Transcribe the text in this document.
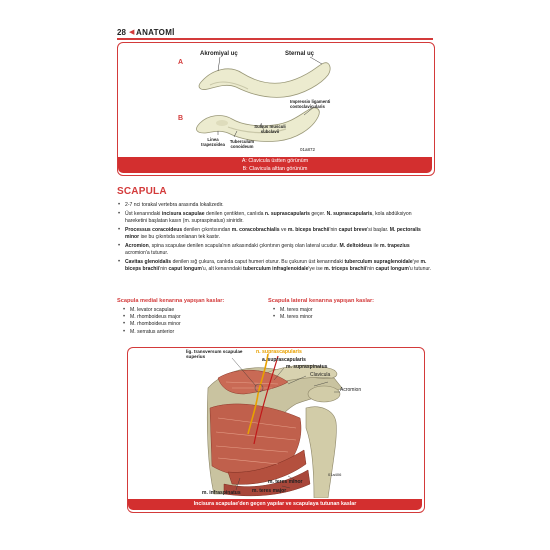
28 ◀ ANATOMİ
A
B
Akromiyal uç	Sternal uç
Impressio ligamenti costoclavicularis
Sulcus musculi subclavii
Linea trapezoidea
Tuberculum conoideum
01a872
A: Clavicula üstten görünüm
B: Clavicula alttan görünüm
SCAPULA
• 2-7 nci torakal vertebra arasında lokalizedir.
• Üst kenarındaki incisura scapulae denilen çentikten, canlıda n. suprascapularis geçer. N. suprascapularis, kola abdüksiyon hareketini başlatan kasın (m. supraspinatus) siniridir.
• Processus coracoideus denilen çıkıntısından m. coracobrachialis ve m. biceps brachii'nin caput breve'si başlar. M. pectoralis minor ise bu çıkıntıda sonlanan tek kastır.
• Acromion, spina scapulae denilen scapula'nın arkasındaki çıkıntının geniş olan lateral ucudur. M. deltoideus ile m. trapezius acromion'a tutunur.
• Cavitas glenoidalis denilen sığ çukura, canlıda caput humeri oturur. Bu çukurun üst kenarındaki tuberculum supraglenoidale'ye m. biceps brachii'nin caput longum'u, alt kenarındaki tuberculum infraglenoidale'ye ise m. triceps brachii'nin caput longum'u tutunur.
Scapula medial kenarına yapışan kaslar:
• M. levator scapulae
• M. rhomboideus major
• M. rhomboideus minor
• M. serratus anterior
Scapula lateral kenarına yapışan kaslar:
• M. teres major
• M. teres minor
lig. transversum scapulae superius
n. suprascapularis
a. suprascapularis
m. supraspinatus
Clavicula
Acromion
01a406
m. infraspinatus
m. teres minor
m. teres major
Incisura scapulae'den geçen yapılar ve scapulaya tutunan kaslar
